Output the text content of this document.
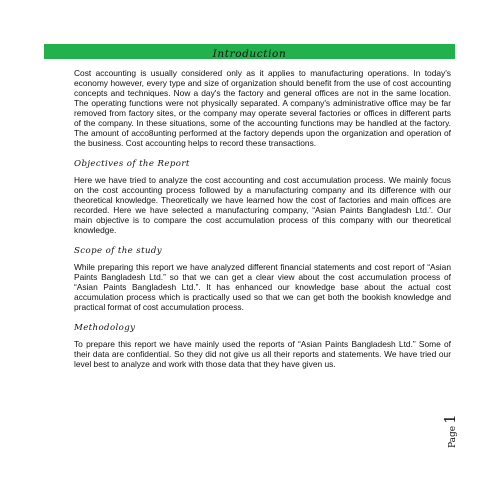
Introduction

Cost accounting is usually considered only as it applies to manufacturing operations. In today's economy however, every type and size of organization should benefit from the use of cost accounting concepts and techniques. Now a day's the factory and general offices are not in the same location. The operating functions were not physically separated. A company's administrative office may be far removed from factory sites, or the company may operate several factories or offices in different parts of the company. In these situations, some of the accounting functions may be handled at the factory. The amount of acco8unting performed at the factory depends upon the organization and operation of the business. Cost accounting helps to record these transactions.

Objectives of the Report

Here we have tried to analyze the cost accounting and cost accumulation process. We mainly focus on the cost accounting process followed by a manufacturing company and its difference with our theoretical knowledge. Theoretically we have learned how the cost of factories and main offices are recorded. Here we have selected a manufacturing company, “Asian Paints Bangladesh Ltd.'. Our main objective is to compare the cost accumulation process of this company with our theoretical knowledge.

Scope of the study

While preparing this report we have analyzed different financial statements and cost report of “Asian Paints Bangladesh Ltd.” so that we can get a clear view about the cost accumulation process of “Asian Paints Bangladesh Ltd.”. It has enhanced our knowledge base about the actual cost accumulation process which is practically used so that we can get both the bookish knowledge and practical format of cost accumulation process.

Methodology

To prepare this report we have mainly used the reports of “Asian Paints Bangladesh Ltd.” Some of their data are confidential. So they did not give us all their reports and statements. We have tried our level best to analyze and work with those data that they have given us.

Page1
